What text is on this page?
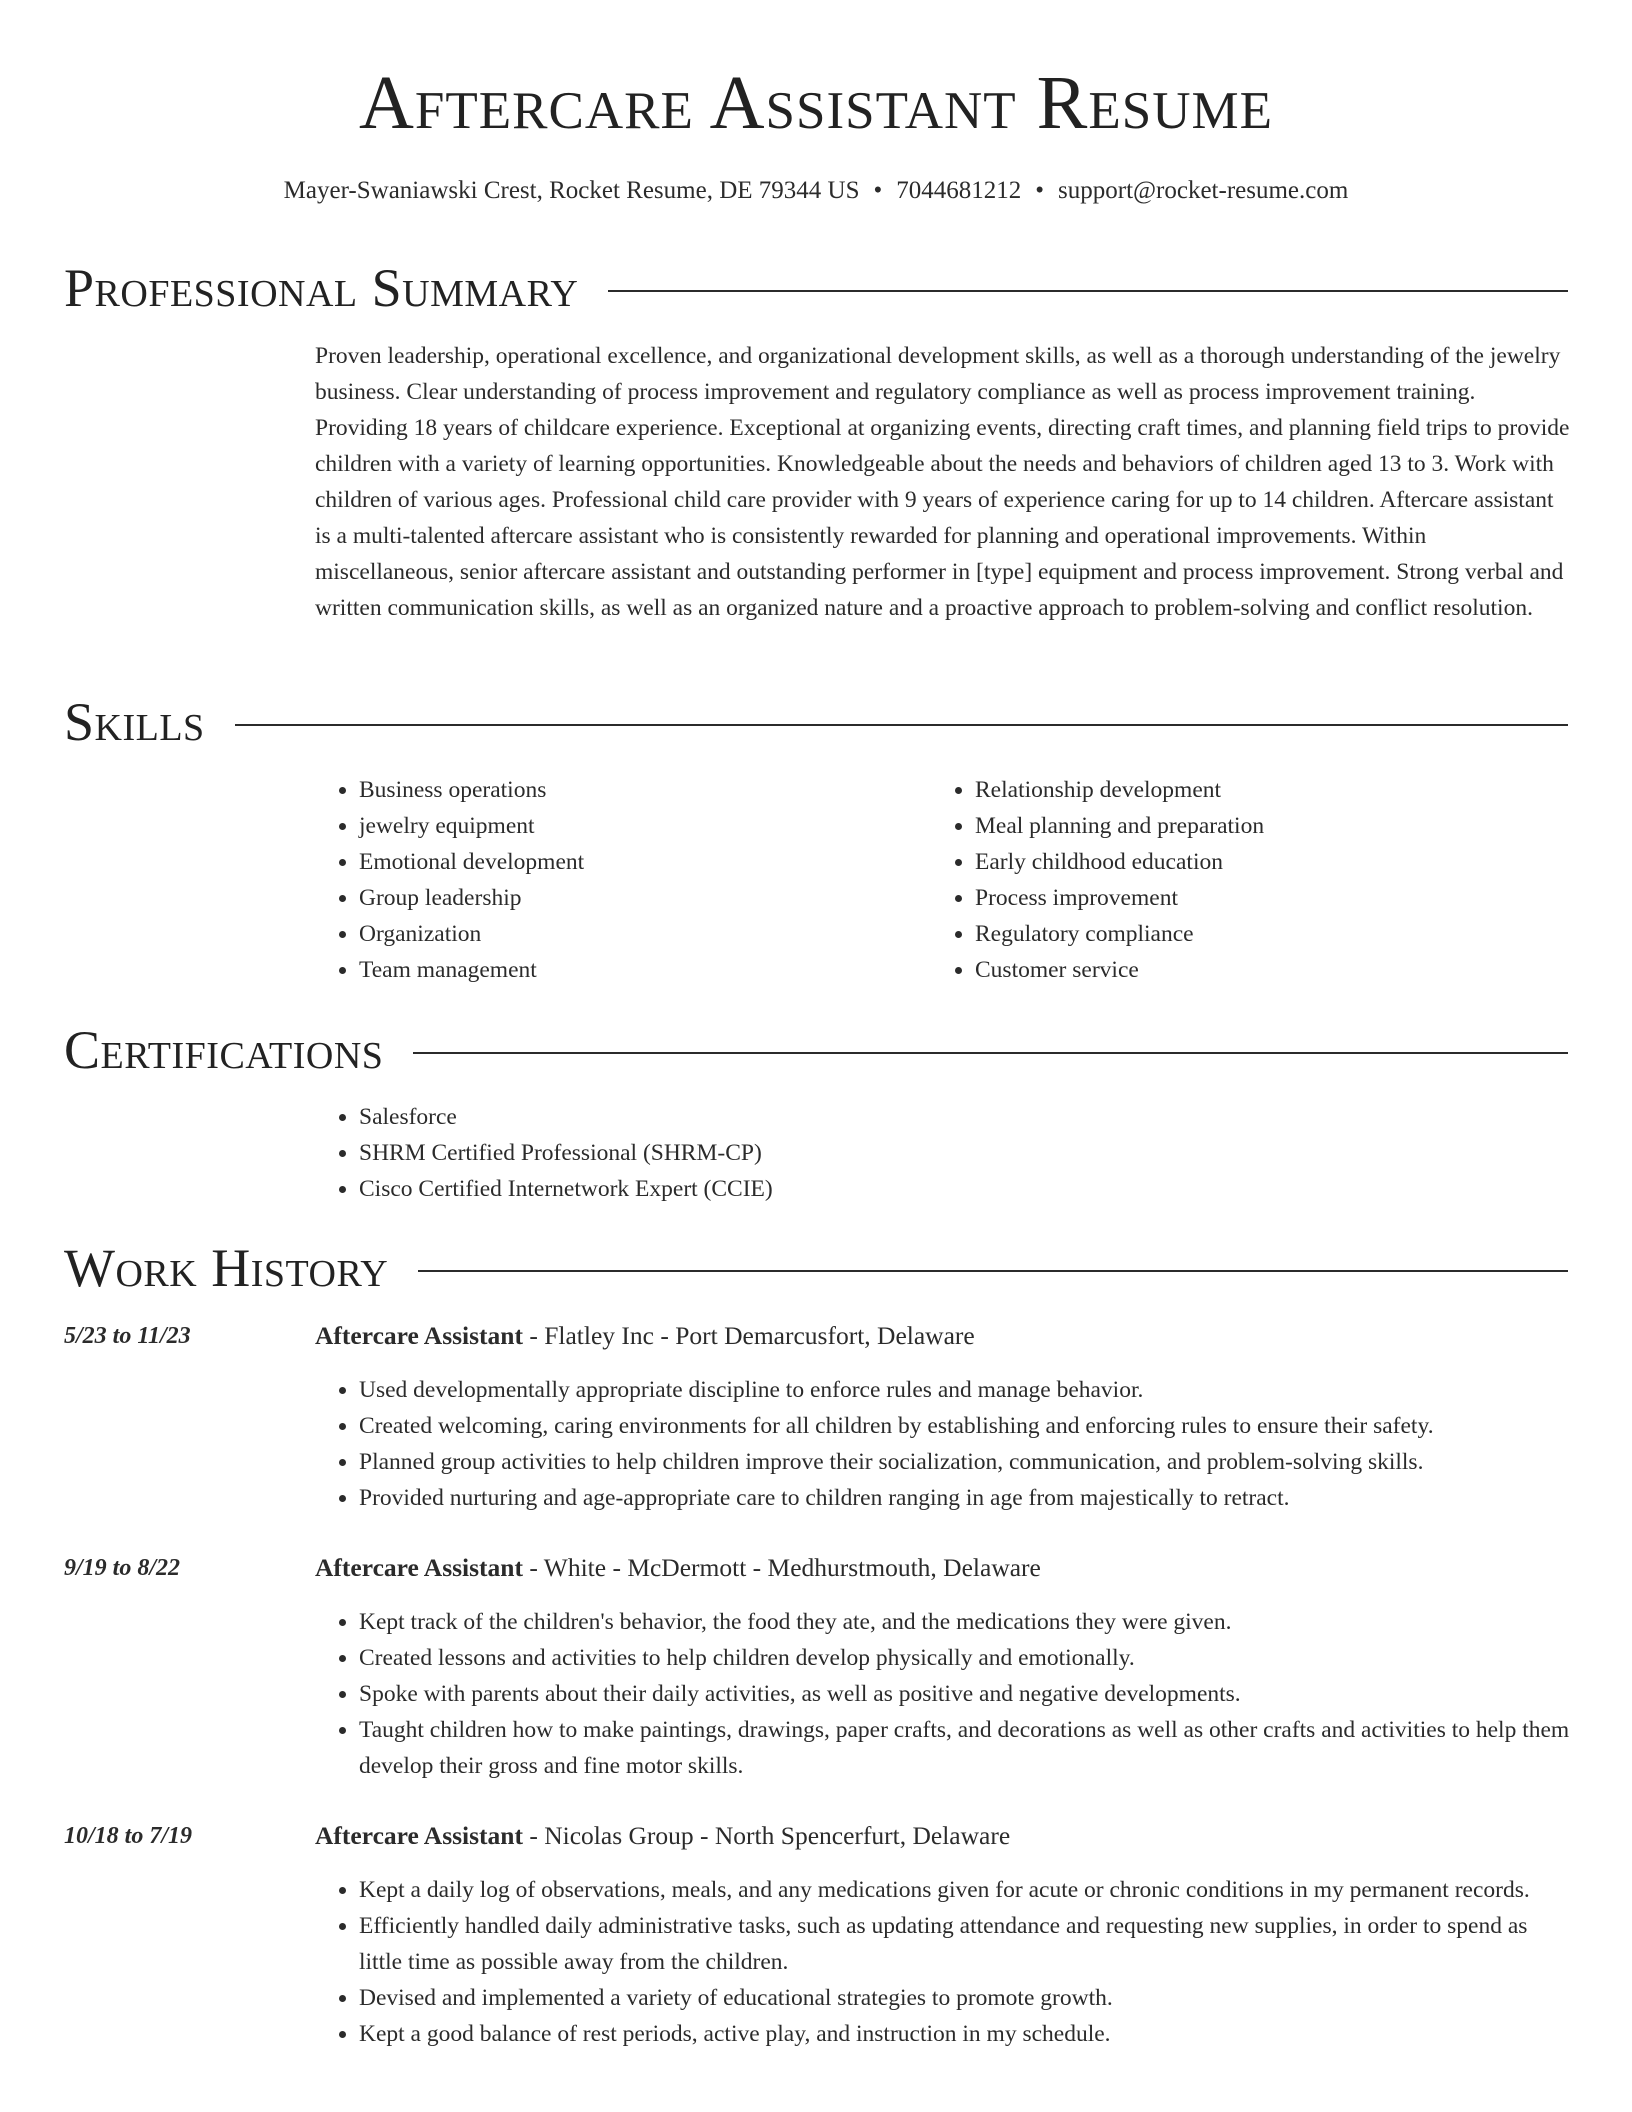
Aftercare Assistant Resume
Mayer-Swaniawski Crest, Rocket Resume, DE 79344 US • 7044681212 • support@rocket-resume.com
Professional Summary

Proven leadership, operational excellence, and organizational development skills, as well as a thorough understanding of the jewelry business. Clear understanding of process improvement and regulatory compliance as well as process improvement training. Providing 18 years of childcare experience. Exceptional at organizing events, directing craft times, and planning field trips to provide children with a variety of learning opportunities. Knowledgeable about the needs and behaviors of children aged 13 to 3. Work with children of various ages. Professional child care provider with 9 years of experience caring for up to 14 children. Aftercare assistant is a multi-talented aftercare assistant who is consistently rewarded for planning and operational improvements. Within miscellaneous, senior aftercare assistant and outstanding performer in [type] equipment and process improvement. Strong verbal and written communication skills, as well as an organized nature and a proactive approach to problem-solving and conflict resolution.

Skills
• Business operations
• jewelry equipment
• Emotional development
• Group leadership
• Organization
• Team management
• Relationship development
• Meal planning and preparation
• Early childhood education
• Process improvement
• Regulatory compliance
• Customer service
Certifications
• Salesforce
• SHRM Certified Professional (SHRM-CP)
• Cisco Certified Internetwork Expert (CCIE)
Work History
5/23 to 11/23	Aftercare Assistant - Flatley Inc - Port Demarcusfort, Delaware
• Used developmentally appropriate discipline to enforce rules and manage behavior.
• Created welcoming, caring environments for all children by establishing and enforcing rules to ensure their safety.
• Planned group activities to help children improve their socialization, communication, and problem-solving skills.
• Provided nurturing and age-appropriate care to children ranging in age from majestically to retract.
9/19 to 8/22	Aftercare Assistant - White - McDermott - Medhurstmouth, Delaware
• Kept track of the children's behavior, the food they ate, and the medications they were given.
• Created lessons and activities to help children develop physically and emotionally.
• Spoke with parents about their daily activities, as well as positive and negative developments.
• Taught children how to make paintings, drawings, paper crafts, and decorations as well as other crafts and activities to help them develop their gross and fine motor skills.
10/18 to 7/19	Aftercare Assistant - Nicolas Group - North Spencerfurt, Delaware
• Kept a daily log of observations, meals, and any medications given for acute or chronic conditions in my permanent records.
• Efficiently handled daily administrative tasks, such as updating attendance and requesting new supplies, in order to spend as little time as possible away from the children.
• Devised and implemented a variety of educational strategies to promote growth.
• Kept a good balance of rest periods, active play, and instruction in my schedule.
